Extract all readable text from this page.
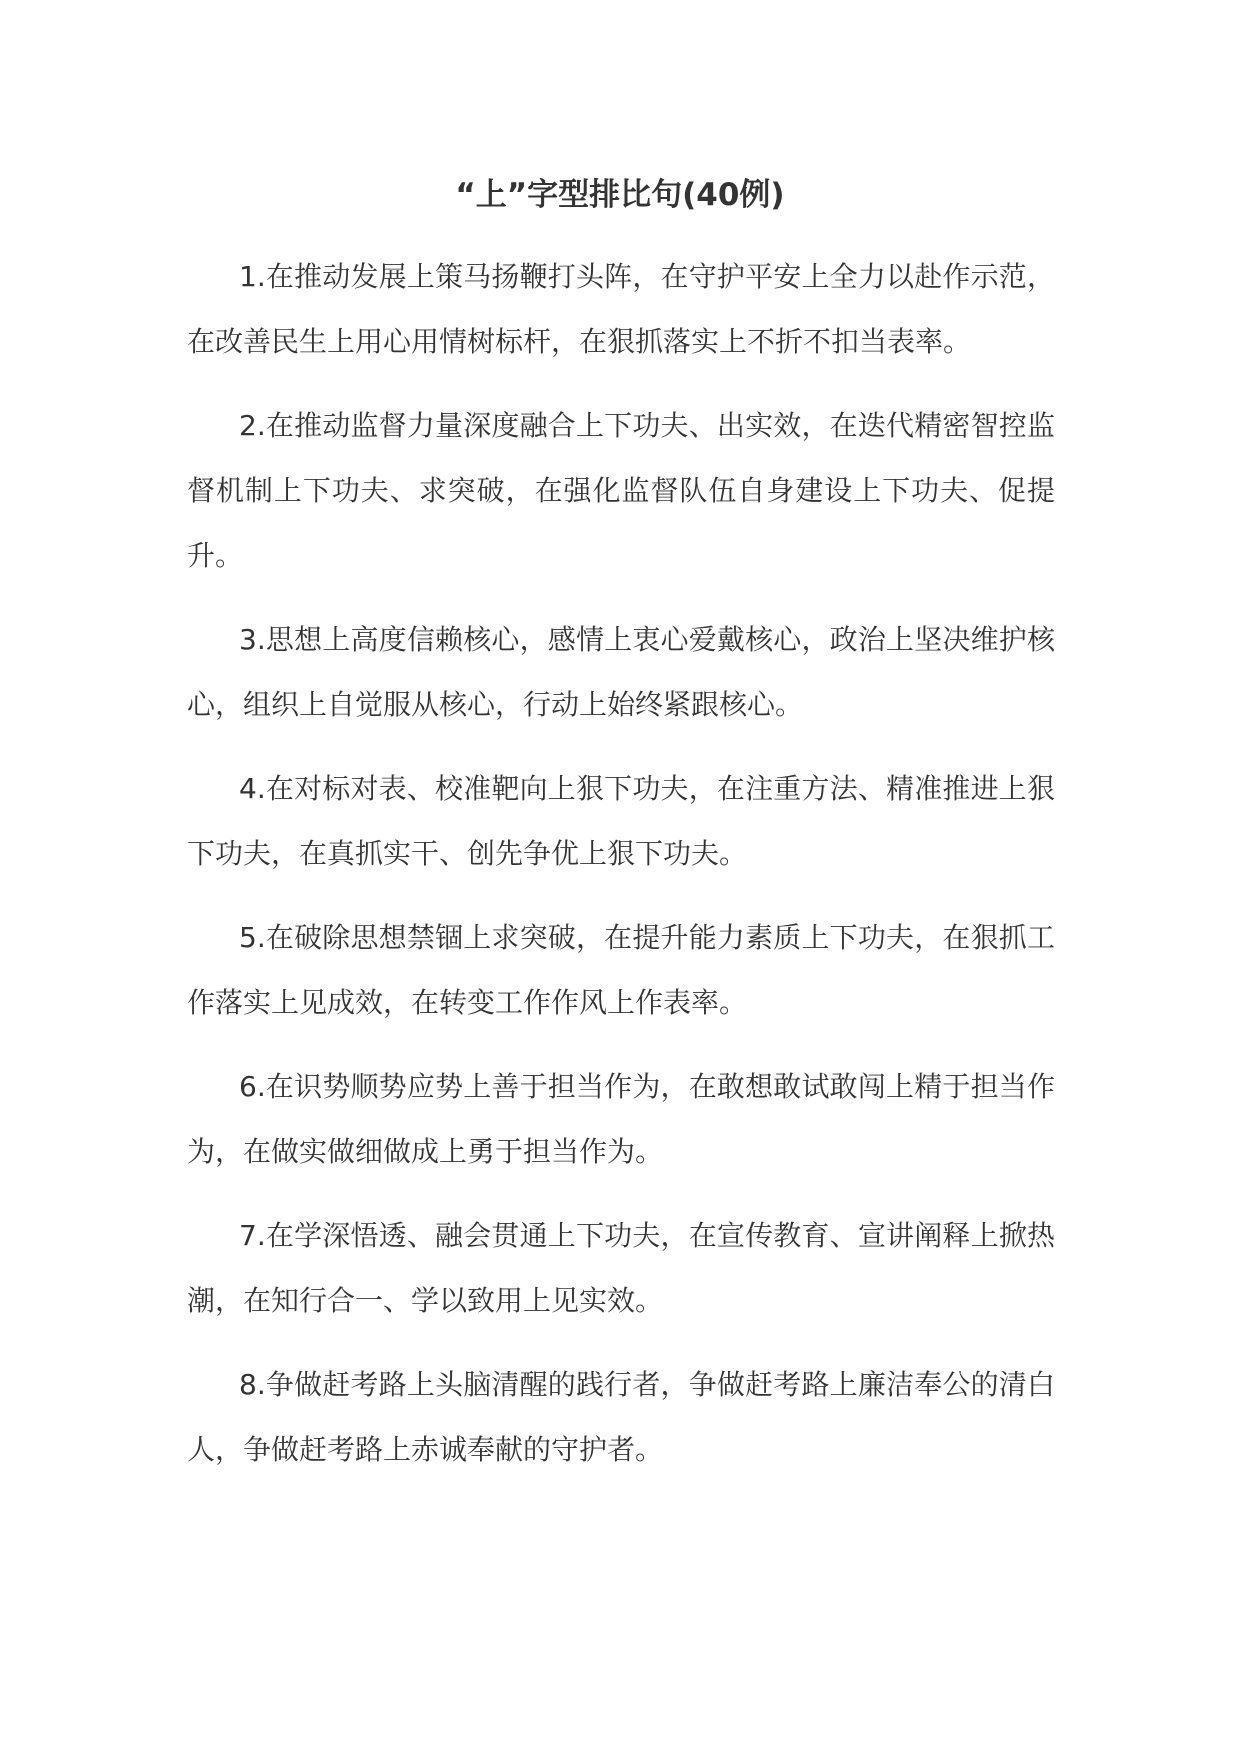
“上”字型排比句(40例)

1.在推动发展上策马扬鞭打头阵，在守护平安上全力以赴作示范，在改善民生上用心用情树标杆，在狠抓落实上不折不扣当表率。

2.在推动监督力量深度融合上下功夫、出实效，在迭代精密智控监督机制上下功夫、求突破，在强化监督队伍自身建设上下功夫、促提升。

3.思想上高度信赖核心，感情上衷心爱戴核心，政治上坚决维护核心，组织上自觉服从核心，行动上始终紧跟核心。

4.在对标对表、校准靶向上狠下功夫，在注重方法、精准推进上狠下功夫，在真抓实干、创先争优上狠下功夫。

5.在破除思想禁锢上求突破，在提升能力素质上下功夫，在狠抓工作落实上见成效，在转变工作作风上作表率。

6.在识势顺势应势上善于担当作为，在敢想敢试敢闯上精于担当作为，在做实做细做成上勇于担当作为。

7.在学深悟透、融会贯通上下功夫，在宣传教育、宣讲阐释上掀热潮，在知行合一、学以致用上见实效。

8.争做赶考路上头脑清醒的践行者，争做赶考路上廉洁奉公的清白人，争做赶考路上赤诚奉献的守护者。
